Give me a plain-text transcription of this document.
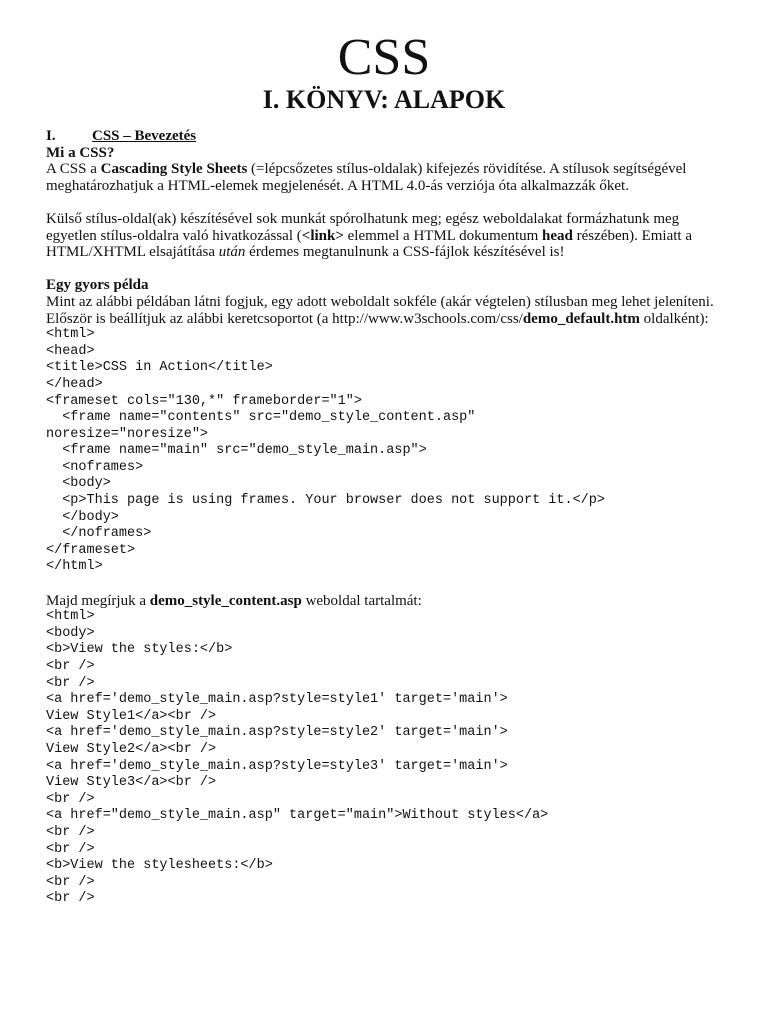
CSS
I. KÖNYV: ALAPOK

I. CSS – Bevezetés

Mi a CSS?

A CSS a Cascading Style Sheets (=lépcsőzetes stílus-oldalak) kifejezés rövidítése. A stílusok segítségével meghatározhatjuk a HTML-elemek megjelenését. A HTML 4.0-ás verziója óta alkalmazzák őket.

Külső stílus-oldal(ak) készítésével sok munkát spórolhatunk meg; egész weboldalakat formázhatunk meg egyetlen stílus-oldalra való hivatkozással (<link> elemmel a HTML dokumentum head részében). Emiatt a HTML/XHTML elsajátítása után érdemes megtanulnunk a CSS-fájlok készítésével is!

Egy gyors példa

Mint az alábbi példában látni fogjuk, egy adott weboldalt sokféle (akár végtelen) stílusban meg lehet jeleníteni.

Először is beállítjuk az alábbi keretcsoportot (a http://www.w3schools.com/css/demo_default.htm oldalként):

<html>
<head>
<title>CSS in Action</title>
</head>
<frameset cols="130,*" frameborder="1">
<frame name="contents" src="demo_style_content.asp"
noresize="noresize">
<frame name="main" src="demo_style_main.asp">
<noframes>
<body>
<p>This page is using frames. Your browser does not support it.</p>
</body>
</noframes>
</frameset>
</html>

Majd megírjuk a demo_style_content.asp weboldal tartalmát:

<html>
<body>
<b>View the styles:</b>
<br />
<br />
<a href='demo_style_main.asp?style=style1' target='main'>
View Style1</a><br />
<a href='demo_style_main.asp?style=style2' target='main'>
View Style2</a><br />
<a href='demo_style_main.asp?style=style3' target='main'>
View Style3</a><br />
<br />
<a href="demo_style_main.asp" target="main">Without styles</a>
<br />
<br />
<b>View the stylesheets:</b>
<br />
<br />
